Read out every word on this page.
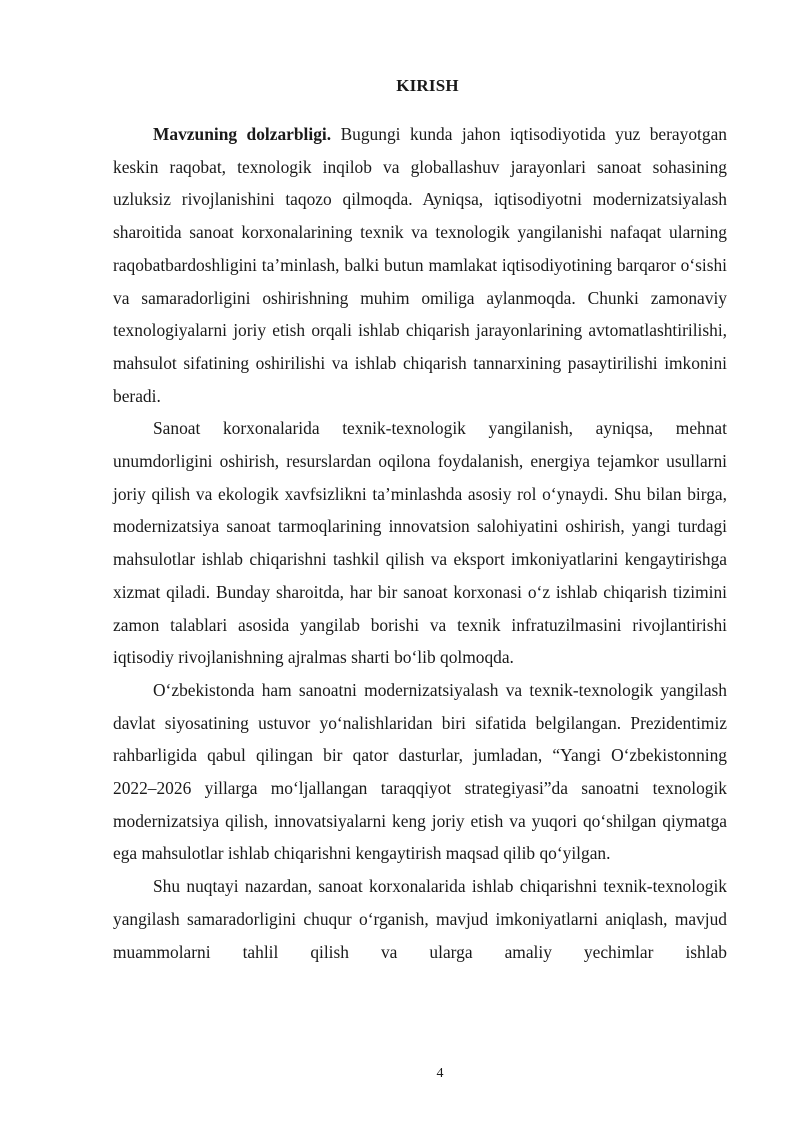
KIRISH

Mavzuning dolzarbligi. Bugungi kunda jahon iqtisodiyotida yuz berayotgan keskin raqobat, texnologik inqilob va globallashuv jarayonlari sanoat sohasining uzluksiz rivojlanishini taqozo qilmoqda. Ayniqsa, iqtisodiyotni modernizatsiyalash sharoitida sanoat korxonalarining texnik va texnologik yangilanishi nafaqat ularning raqobatbardoshligini ta’minlash, balki butun mamlakat iqtisodiyotining barqaror o‘sishi va samaradorligini oshirishning muhim omiliga aylanmoqda. Chunki zamonaviy texnologiyalarni joriy etish orqali ishlab chiqarish jarayonlarining avtomatlashtirilishi, mahsulot sifatining oshirilishi va ishlab chiqarish tannarxining pasaytirilishi imkonini beradi.

Sanoat korxonalarida texnik-texnologik yangilanish, ayniqsa, mehnat unumdorligini oshirish, resurslardan oqilona foydalanish, energiya tejamkor usullarni joriy qilish va ekologik xavfsizlikni ta’minlashda asosiy rol o‘ynaydi. Shu bilan birga, modernizatsiya sanoat tarmoqlarining innovatsion salohiyatini oshirish, yangi turdagi mahsulotlar ishlab chiqarishni tashkil qilish va eksport imkoniyatlarini kengaytirishga xizmat qiladi. Bunday sharoitda, har bir sanoat korxonasi o‘z ishlab chiqarish tizimini zamon talablari asosida yangilab borishi va texnik infratuzilmasini rivojlantirishi iqtisodiy rivojlanishning ajralmas sharti bo‘lib qolmoqda.

O‘zbekistonda ham sanoatni modernizatsiyalash va texnik-texnologik yangilash davlat siyosatining ustuvor yo‘nalishlaridan biri sifatida belgilangan. Prezidentimiz rahbarligida qabul qilingan bir qator dasturlar, jumladan, “Yangi O‘zbekistonning 2022–2026 yillarga mo‘ljallangan taraqqiyot strategiyasi”da sanoatni texnologik modernizatsiya qilish, innovatsiyalarni keng joriy etish va yuqori qo‘shilgan qiymatga ega mahsulotlar ishlab chiqarishni kengaytirish maqsad qilib qo‘yilgan.

Shu nuqtayi nazardan, sanoat korxonalarida ishlab chiqarishni texnik-texnologik yangilash samaradorligini chuqur o‘rganish, mavjud imkoniyatlarni aniqlash, mavjud muammolarni tahlil qilish va ularga amaliy yechimlar ishlab

4
